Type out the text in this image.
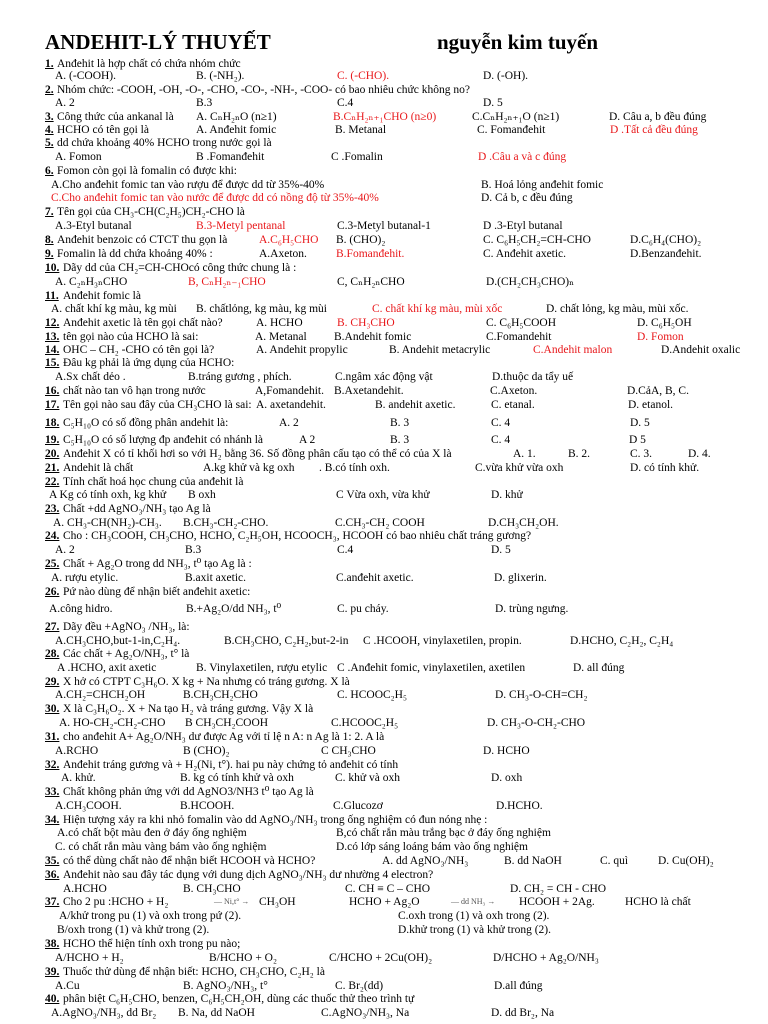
ANDEHIT-LÝ THUYẾT	nguyễn kim tuyến
1. Anđehit là hợp chất có chứa nhóm chức
A. (-COOH).	B. (-NH₂).	C. (-CHO).	D. (-OH).
2. Nhóm chức: -COOH, -OH, -O-, -CHO, -CO-, -NH-, -COO- có bao nhiêu chức không no?
A. 2	B.3	C.4	D. 5
3. Công thức của ankanal là A. CₙH₂ₙO (n≥1)	B.CₙH₂ₙ₊₁CHO (n≥0)	C.CₙH₂ₙ₊₁O (n≥1)	D. Câu a, b đều đúng
4. HCHO có tên gọi là	A. Anđehit fomic	B. Metanal	C. Fomanđehit	D .Tất cả đều đúng
5. dd chứa khoảng 40% HCHO trong nước gọi là
A. Fomon	B .Fomanđehit	C .Fomalin	D .Câu a và c đúng
6. Fomon còn gọi là fomalin có được khi:
A.Cho anđehit fomic tan vào rượu để được dd từ 35%-40%	B. Hoá lỏng anđehit fomic
C.Cho anđehit fomic tan vào nước để được dd có nồng độ từ 35%-40%	D. Cả b, c đều đúng
7. Tên gọi của CH₃-CH(C₂H₅)CH₂-CHO là
A.3-Etyl butanal	B.3-Metyl pentanal	C.3-Metyl butanal-1	D .3-Etyl butanal
8. Anđehit benzoic có CTCT thu gọn là	A.C₆H₅CHO B. (CHO)₂	C. C₆H₅CH₂=CH-CHO	D.C₆H₄(CHO)₂
9. Fomalin là dd chứa khoảng 40% :	A.Axeton.	B.Fomanđehit.	C. Anđehit axetic.	D.Benzanđehit.
10. Dãy dd của CH₂=CH-CHOcó công thức chung là :
A. C₂ₙH₃ₙCHO	B, CₙH₂ₙ₋₁CHO	C, CₙH₂ₙCHO	D.(CH₂CH₃CHO)ₙ
11. Anđehit fomic là
A. chất khí kg màu, kg mùi B. chấtlỏng, kg màu, kg mùi	C. chất khí kg màu, mùi xốc	D. chất lỏng, kg màu, mùi xốc.
12. Anđehit axetic là tên gọi chất nào?	A. HCHO	B. CH₃CHO	C. C₆H₅COOH	D. C₆H₅OH
13. tên gọi nào của HCHO là sai:	A. Metanal B.Andehit fomic	C.Fomandehit	D. Fomon
14. OHC – CH₂ -CHO có tên gọi là?	A. Andehit propylic	B. Andehit metacrylic	C.Andehit malon	D.Andehit oxalic
15. Đâu kg phải là ứng dụng của HCHO:
A.Sx chất dẻo .	B.tráng gương , phích.	C.ngâm xác động vật	D.thuộc da tẩy uế
16. chất nào tan vô hạn trong nước	A,Fomandehit. B.Axetandehit.	C.Axeton.	D.CảA, B, C.
17. Tên gọi nào sau đây của CH₃CHO là sai: A. axetandehit.	B. andehit axetic.	C. etanal.	D. etanol.
18. C₅H₁₀O có số đồng phân andehit là:	A. 2	B. 3	C. 4	D. 5
19. C₅H₁₀O có số lượng đp anđehit có nhánh là	A 2	B. 3	C. 4	D 5
20. Anđehit X có tỉ khối hơi so với H₂ bằng 36. Số đồng phân cấu tạo có thể có của X là	A. 1.	B. 2.	C. 3.	D. 4.
21. Andehit là chất	A.kg khử và kg oxh . B.có tính oxh.	C.vừa khử vừa oxh	D. có tính khử.
22. Tính chất hoá học chung của anđehit là
A Kg có tính oxh, kg khử B oxh	C Vừa oxh, vừa khử	D. khử
23. Chất +dd AgNO₃/NH₃ tạo Ag là
A. CH₃-CH(NH₂)-CH₃. B.CH₃-CH₂-CHO.	C.CH₃-CH₂ COOH	D.CH₃CH₂OH.
24. Cho : CH₃COOH, CH₃CHO, HCHO, C₂H₅OH, HCOOCH₃, HCOOH có bao nhiêu chất tráng gương?
A. 2	B.3	C.4	D. 5
25. Chất + Ag₂O trong dd NH₃, t⁰ tạo Ag là :
A. rượu etylic.	B.axit axetic.	C.anđehit axetic.	D. glixerin.
26. Pứ nào dùng để nhận biết anđehit axetic:
A.công hidro.	B.+Ag₂O/dd NH₃, t⁰	C. pu cháy.	D. trùng ngưng.
27. Dãy đều +AgNO₃ /NH₃, là:
A.CH₃CHO,but-1-in,C₂H₄.	B.CH₃CHO, C₂H₂,but-2-in C .HCOOH, vinylaxetilen, propin.	D.HCHO, C₂H₂, C₂H₄
28. Các chất + Ag₂O/NH₃, t° là
A .HCHO, axit axetic	B. Vinylaxetilen, rượu etylic C .Anđehit fomic, vinylaxetilen, axetilen	D. all đúng
29. X hở có CTPT C₃H₆O. X kg + Na nhưng có tráng gương. X là
A.CH₂=CHCH₂OH	B.CH₃CH₂CHO	C. HCOOC₂H₅	D. CH₃-O-CH=CH₂
30. X là C₃H₆O₂. X + Na tạo H₂ và tráng gương. Vậy X là
A. HO-CH₂-CH₂-CHO B CH₃CH₂COOH	C.HCOOC₂H₅	D. CH₃-O-CH₂-CHO
31. cho anđehit A+ Ag₂O/NH₃ dư được Ag với tỉ lệ n A: n Ag là 1: 2. A là
A.RCHO	B (CHO)₂	C CH₃CHO	D. HCHO
32. Anđehit tráng gương và + H₂(Ni, t°). hai pu này chứng tỏ anđehit có tính
A. khử.	B. kg có tính khử và oxh	C. khử và oxh	D. oxh
33. Chất không phản ứng với dd AgNO3/NH3 t⁰ tạo Ag là
A.CH₃COOH.	B.HCOOH.	C.Glucozơ	D.HCHO.
34. Hiện tượng xảy ra khi nhỏ fomalin vào dd AgNO₃/NH₃ trong ống nghiệm có đun nóng nhẹ :
A.có chất bột màu đen ở đáy ống nghiệm	B,có chất rắn màu trắng bạc ở đáy ống nghiệm
C. có chất rắn màu vàng bám vào ống nghiệm	D.có lớp sáng loáng bám vào ống nghiệm
35. có thể dùng chất nào để nhận biết HCOOH và HCHO?	A. dd AgNO₃/NH₃	B. dd NaOH	C. quì	D. Cu(OH)₂
36. Anđehit nào sau đây tác dụng với dung dịch AgNO₃/NH₃ dư nhường 4 electron?
A.HCHO	B. CH₃CHO	C. CH ≡ C – CHO	D. CH₂ = CH - CHO
37. Cho 2 pu :HCHO + H₂	— Ni,t° → CH₃OH	HCHO + Ag₂O	— dd NH₃ → HCOOH + 2Ag.	HCHO là chất
A/khử trong pu (1) và oxh trong pứ (2).	C.oxh trong (1) và oxh trong (2).
B/oxh trong (1) và khử trong (2).	D.khử trong (1) và khử trong (2).
38. HCHO thể hiện tính oxh trong pu nào;
A/HCHO + H₂	B/HCHO + O₂	C/HCHO + 2Cu(OH)₂	D/HCHO + Ag₂O/NH₃
39. Thuốc thử dùng để nhận biết: HCHO, CH₃CHO, C₂H₂ là
A.Cu	B. AgNO₃/NH₃, t°	C. Br₂(dd)	D.all đúng
40. phân biệt C₆H₅CHO, benzen, C₆H₅CH₂OH, dùng các thuốc thử theo trình tự
A.AgNO₃/NH₃, dd Br₂ B. Na, dd NaOH	C.AgNO₃/NH₃, Na	D. dd Br₂, Na
